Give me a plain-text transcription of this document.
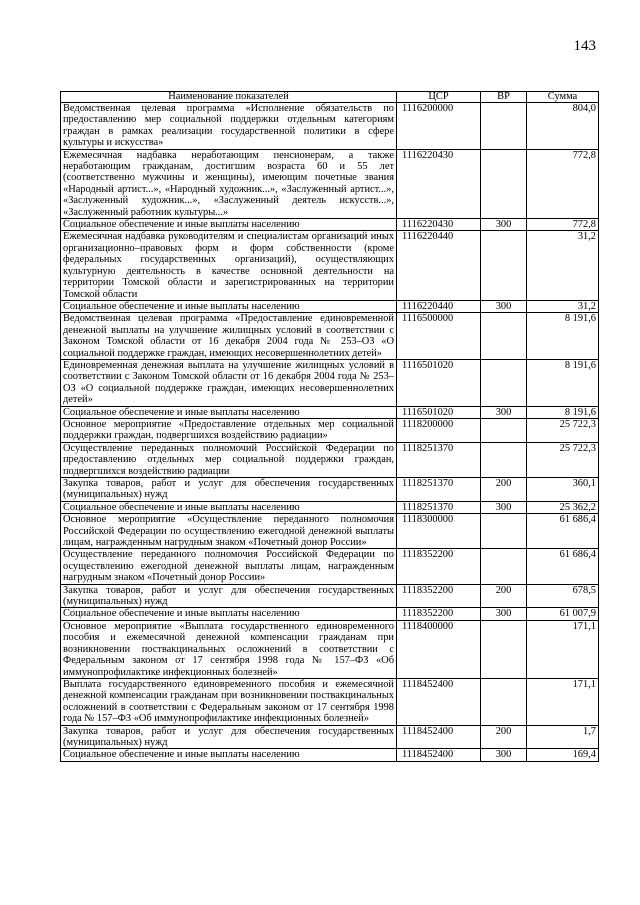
143
Наименование показателей	ЦСР	ВР	Сумма
Ведомственная целевая программа «Исполнение обязательств по предоставлению мер социальной поддержки отдельным категориям граждан в рамках реализации государственной политики в сфере культуры и искусства»	1116200000		804,0
Ежемесячная надбавка неработающим пенсионерам, а также неработающим гражданам, достигшим возраста 60 и 55 лет (соответственно мужчины и женщины), имеющим почетные звания «Народный артист...», «Народный художник...», «Заслуженный артист...», «Заслуженный художник...», «Заслуженный деятель искусств...», «Заслуженный работник культуры...»	1116220430		772,8
Социальное обеспечение и иные выплаты населению	1116220430	300	772,8
Ежемесячная надбавка руководителям и специалистам организаций иных организационно–правовых форм и форм собственности (кроме федеральных государственных организаций), осуществляющих культурную деятельность в качестве основной деятельности на территории Томской области и зарегистрированных на территории Томской области	1116220440		31,2
Социальное обеспечение и иные выплаты населению	1116220440	300	31,2
Ведомственная целевая программа «Предоставление единовременной денежной выплаты на улучшение жилищных условий в соответствии с Законом Томской области от 16 декабря 2004 года № 253–ОЗ «О социальной поддержке граждан, имеющих несовершеннолетних детей»	1116500000		8 191,6
Единовременная денежная выплата на улучшение жилищных условий в соответствии с Законом Томской области от 16 декабря 2004 года № 253–ОЗ «О социальной поддержке граждан, имеющих несовершеннолетних детей»	1116501020		8 191,6
Социальное обеспечение и иные выплаты населению	1116501020	300	8 191,6
Основное мероприятие «Предоставление отдельных мер социальной поддержки граждан, подвергшихся воздействию радиации»	1118200000		25 722,3
Осуществление переданных полномочий Российской Федерации по предоставлению отдельных мер социальной поддержки граждан, подвергшихся воздействию радиации	1118251370		25 722,3
Закупка товаров, работ и услуг для обеспечения государственных (муниципальных) нужд	1118251370	200	360,1
Социальное обеспечение и иные выплаты населению	1118251370	300	25 362,2
Основное мероприятие «Осуществление переданного полномочия Российской Федерации по осуществлению ежегодной денежной выплаты лицам, награжденным нагрудным знаком «Почетный донор России»	1118300000		61 686,4
Осуществление переданного полномочия Российской Федерации по осуществлению ежегодной денежной выплаты лицам, награжденным нагрудным знаком «Почетный донор России»	1118352200		61 686,4
Закупка товаров, работ и услуг для обеспечения государственных (муниципальных) нужд	1118352200	200	678,5
Социальное обеспечение и иные выплаты населению	1118352200	300	61 007,9
Основное мероприятие «Выплата государственного единовременного пособия и ежемесячной денежной компенсации гражданам при возникновении поствакцинальных осложнений в соответствии с Федеральным законом от 17 сентября 1998 года № 157–ФЗ «Об иммунопрофилактике инфекционных болезней»	1118400000		171,1
Выплата государственного единовременного пособия и ежемесячной денежной компенсации гражданам при возникновении поствакцинальных осложнений в соответствии с Федеральным законом от 17 сентября 1998 года № 157–ФЗ «Об иммунопрофилактике инфекционных болезней»	1118452400		171,1
Закупка товаров, работ и услуг для обеспечения государственных (муниципальных) нужд	1118452400	200	1,7
Социальное обеспечение и иные выплаты населению	1118452400	300	169,4
